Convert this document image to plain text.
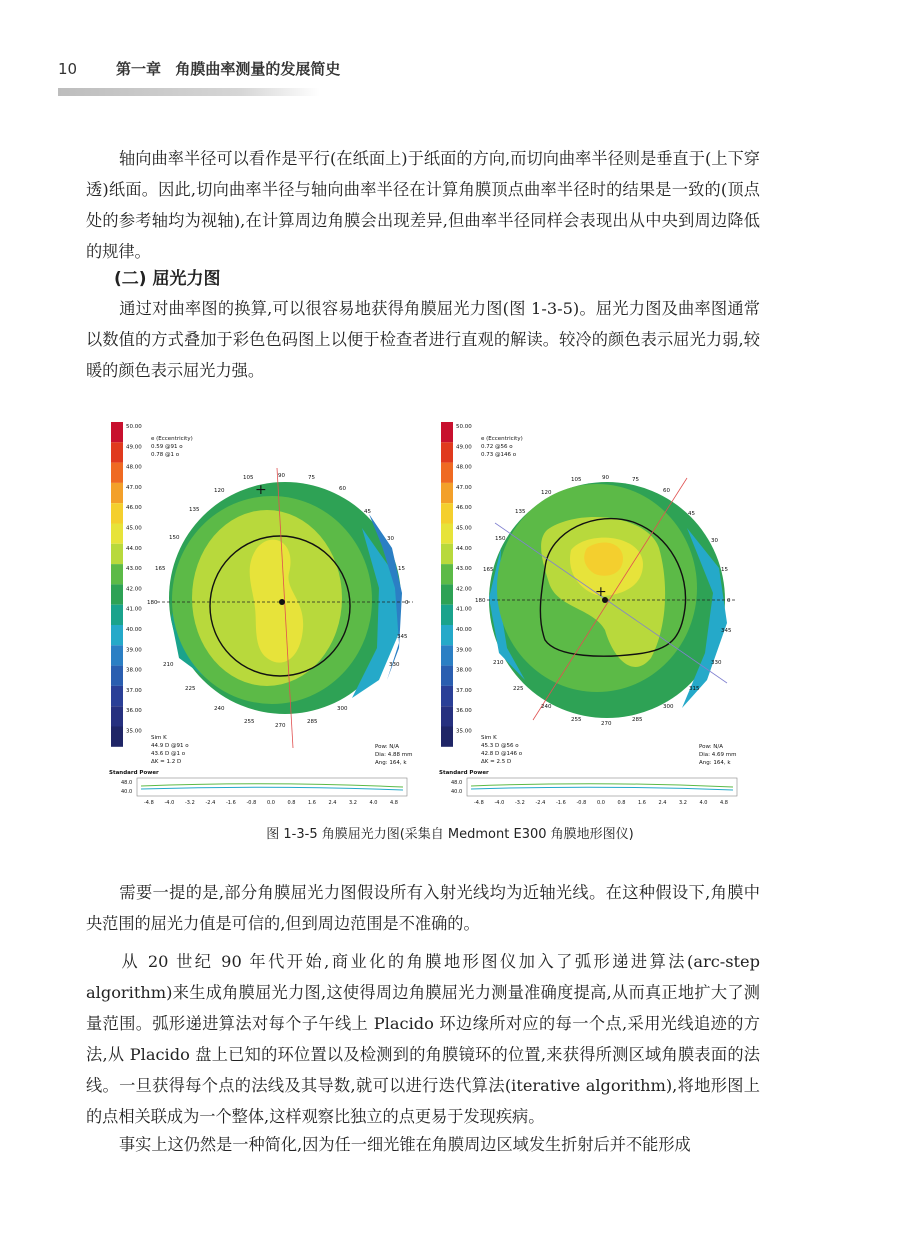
10	第一章 角膜曲率测量的发展简史

轴向曲率半径可以看作是平行(在纸面上)于纸面的方向,而切向曲率半径则是垂直于(上下穿透)纸面。因此,切向曲率半径与轴向曲率半径在计算角膜顶点曲率半径时的结果是一致的(顶点处的参考轴均为视轴),在计算周边角膜会出现差异,但曲率半径同样会表现出从中央到周边降低的规律。

(二) 屈光力图

通过对曲率图的换算,可以很容易地获得角膜屈光力图(图 1-3-5)。屈光力图及曲率图通常以数值的方式叠加于彩色色码图上以便于检查者进行直观的解读。较冷的颜色表示屈光力弱,较暖的颜色表示屈光力强。

50.00
49.00
48.00
47.00
46.00
45.00
44.00
43.00
42.00
41.00
40.00
39.00
38.00
37.00
36.00
35.00
+
90	75
105
120	60
135	45
150	30
165	15
180	0
345
210	330
225
240	300
255
270
285
e (Eccentricity)
0.59 @91 o
0.78 @1 o
Sim K
44.9 D @91 o
43.6 D @1 o
ΔK = 1.2 D
Pow: N/A
Dia: 4.88 mm
Ang: 164, k
Standard Power
48.0
40.0
-4.8 -4.0 -3.2 -2.4 -1.6 -0.8 0.0	0.8	1.6	2.4	3.2	4.0	4.8
50.00
49.00
48.00
47.00
46.00
45.00
44.00
43.00
42.00
41.00
40.00
39.00
38.00
37.00
36.00
35.00
+
90	75
105
120	60
135	45
150	30
165	15
180	0
345
330
315
210
225
240	300
255
270
285
e (Eccentricity)
0.72 @56 o
0.73 @146 o
Sim K
45.3 D @56 o
42.8 D @146 o
ΔK = 2.5 D
Pow: N/A
Dia: 4.69 mm
Ang: 164, k
Standard Power
48.0
40.0
-4.8 -4.0 -3.2 -2.4 -1.6 -0.8 0.0	0.8	1.6	2.4	3.2	4.0	4.8
图 1-3-5 角膜屈光力图(采集自 Medmont E300 角膜地形图仪)

需要一提的是,部分角膜屈光力图假设所有入射光线均为近轴光线。在这种假设下,角膜中央范围的屈光力值是可信的,但到周边范围是不准确的。

从 20 世纪 90 年代开始,商业化的角膜地形图仪加入了弧形递进算法(arc-step algorithm)来生成角膜屈光力图,这使得周边角膜屈光力测量准确度提高,从而真正地扩大了测量范围。弧形递进算法对每个子午线上 Placido 环边缘所对应的每一个点,采用光线追迹的方法,从 Placido 盘上已知的环位置以及检测到的角膜镜环的位置,来获得所测区域角膜表面的法线。一旦获得每个点的法线及其导数,就可以进行迭代算法(iterative algorithm),将地形图上的点相关联成为一个整体,这样观察比独立的点更易于发现疾病。

事实上这仍然是一种简化,因为任一细光锥在角膜周边区域发生折射后并不能形成
